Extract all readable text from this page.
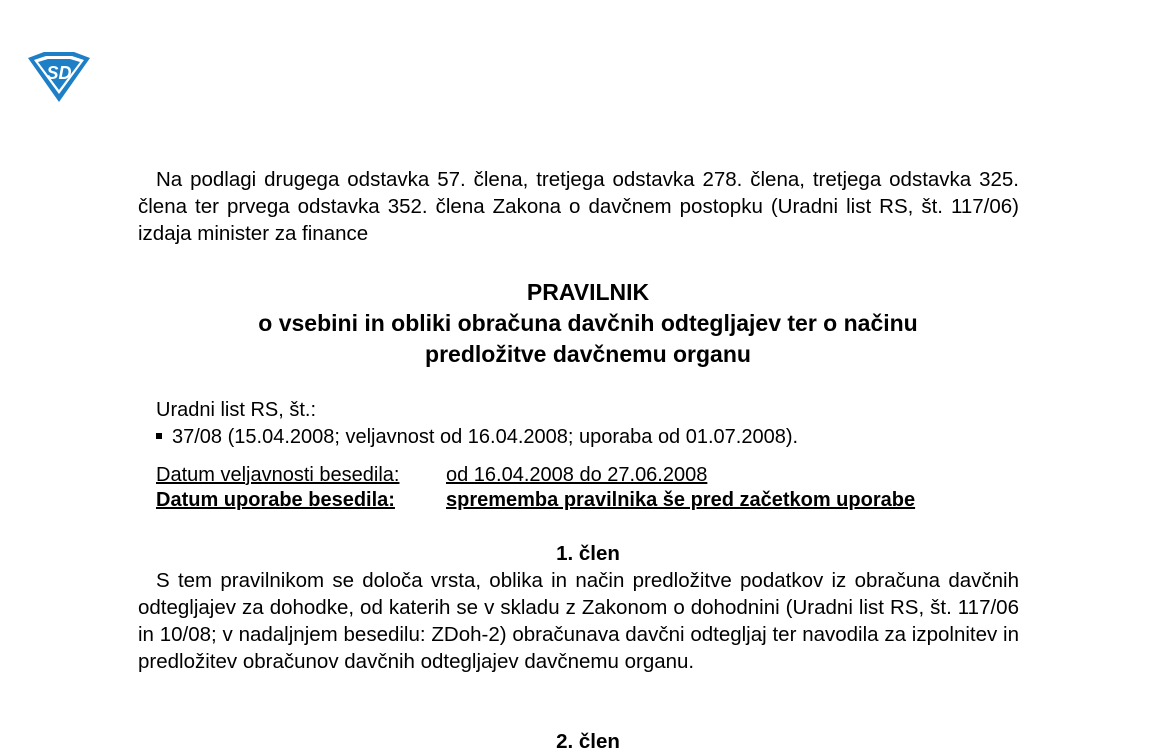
SD

Na podlagi drugega odstavka 57. člena, tretjega odstavka 278. člena, tretjega odstavka 325. člena ter prvega odstavka 352. člena Zakona o davčnem postopku (Uradni list RS, št. 117/06) izdaja minister za finance

PRAVILNIK
o vsebini in obliki obračuna davčnih odtegljajev ter o načinu
predložitve davčnemu organu
Uradni list RS, št.:
37/08 (15.04.2008; veljavnost od 16.04.2008; uporaba od 01.07.2008).
Datum veljavnosti besedila:	od 16.04.2008 do 27.06.2008
Datum uporabe besedila:	sprememba pravilnika še pred začetkom uporabe
1. člen

S tem pravilnikom se določa vrsta, oblika in način predložitve podatkov iz obračuna davčnih odtegljajev za dohodke, od katerih se v skladu z Zakonom o dohodnini (Uradni list RS, št. 117/06 in 10/08; v nadaljnjem besedilu: ZDoh-2) obračunava davčni odtegljaj ter navodila za izpolnitev in predložitev obračunov davčnih odtegljajev davčnemu organu.

2. člen
